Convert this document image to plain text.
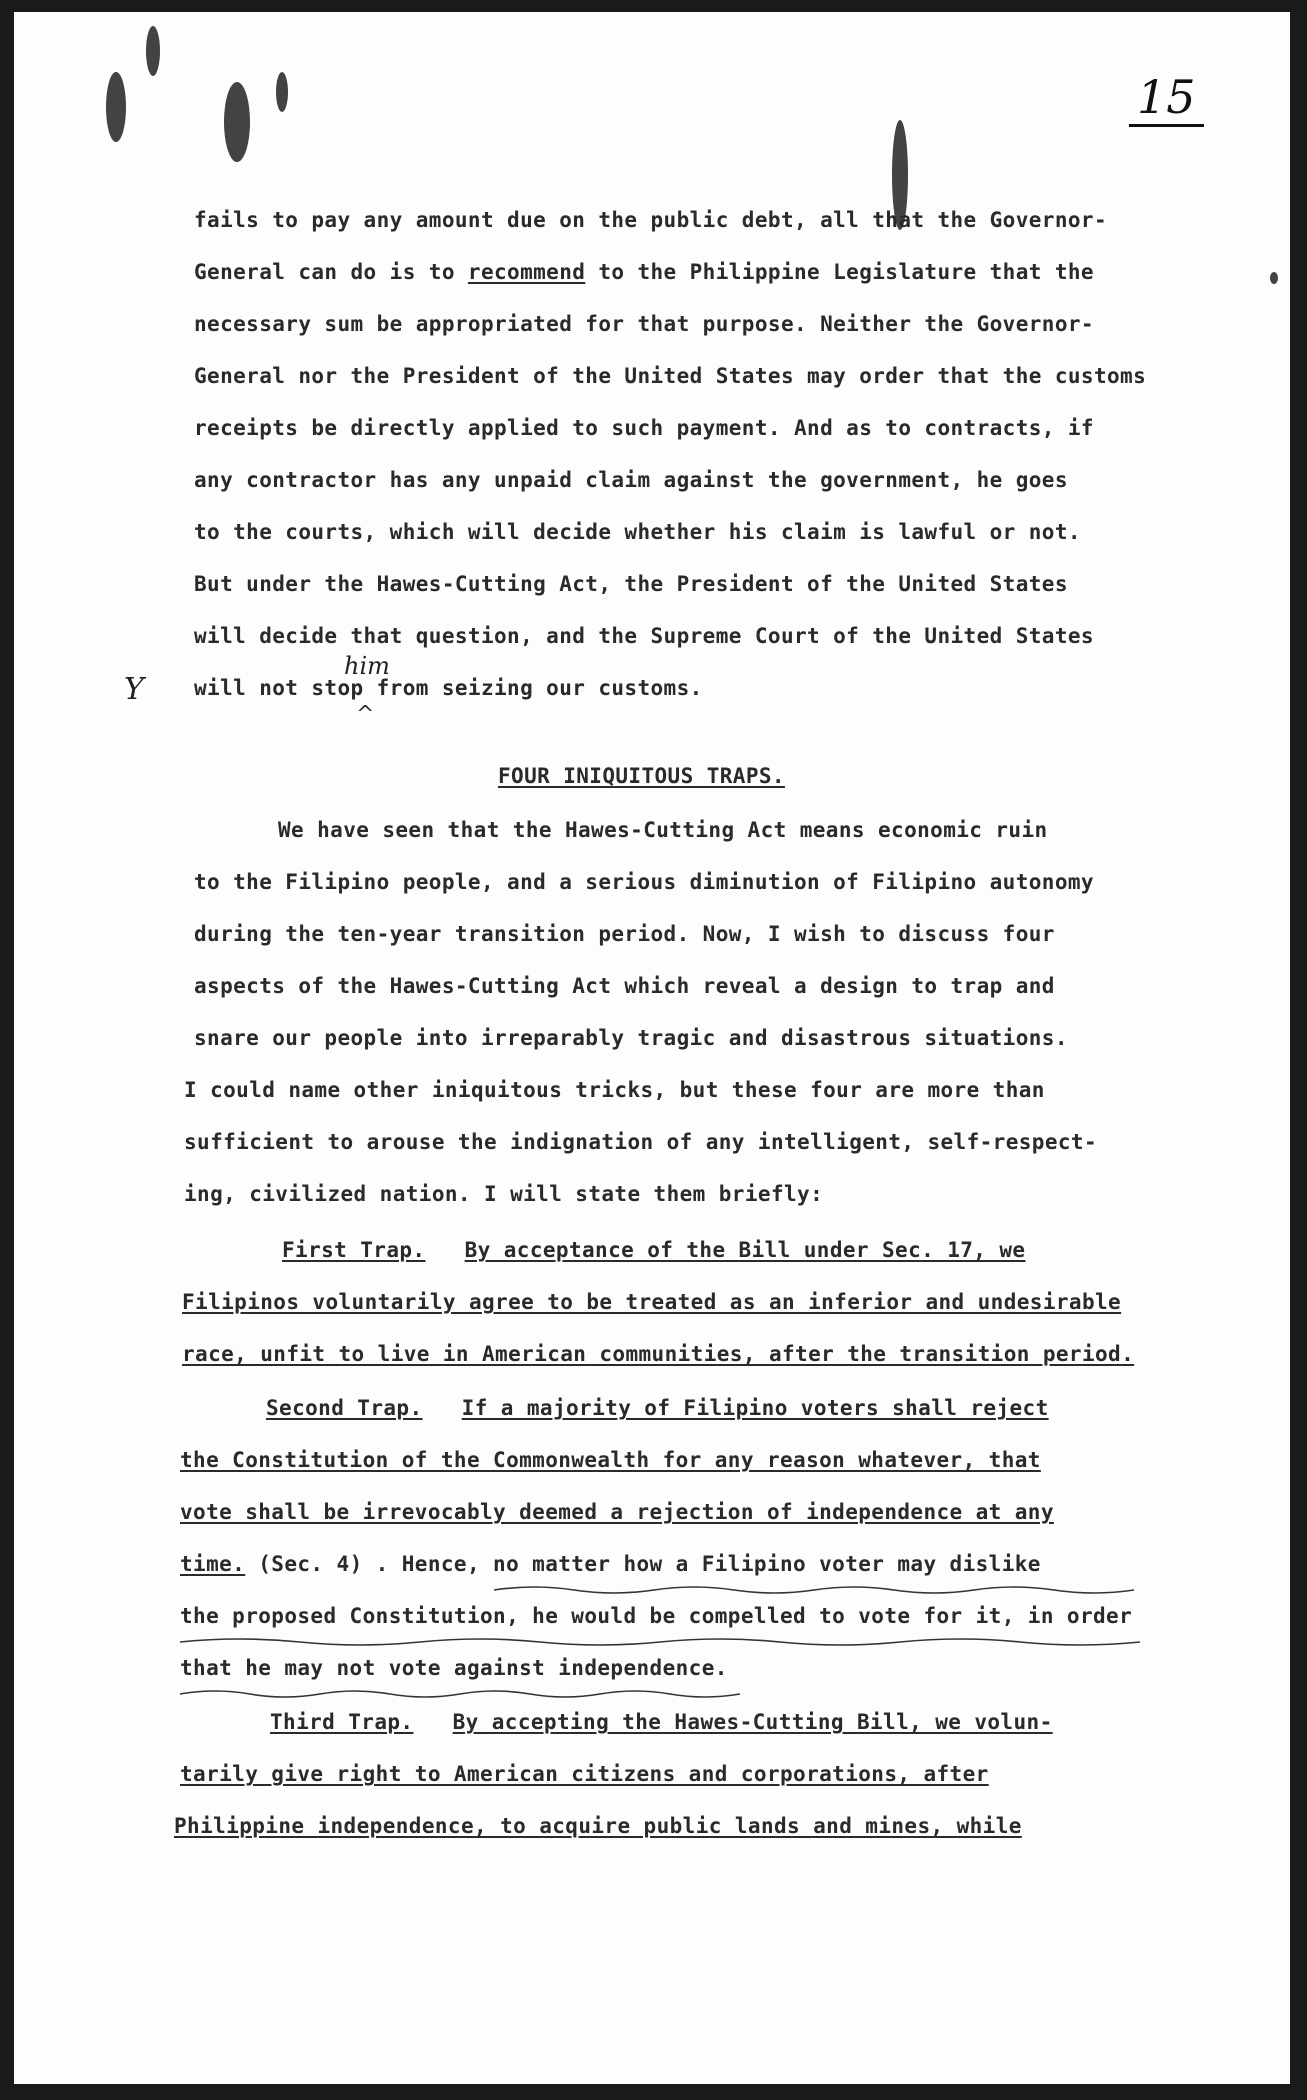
15
fails to pay any amount due on the public debt, all that the Governor-
General can do is to recommend to the Philippine Legislature that the
necessary sum be appropriated for that purpose. Neither the Governor-
General nor the President of the United States may order that the customs
receipts be directly applied to such payment. And as to contracts, if
any contractor has any unpaid claim against the government, he goes
to the courts, which will decide whether his claim is lawful or not.
But under the Hawes-Cutting Act, the President of the United States
will decide that question, and the Supreme Court of the United States
will not stop from seizing our customs.
him
^
Y
FOUR INIQUITOUS TRAPS.
We have seen that the Hawes-Cutting Act means economic ruin
to the Filipino people, and a serious diminution of Filipino autonomy
during the ten-year transition period. Now, I wish to discuss four
aspects of the Hawes-Cutting Act which reveal a design to trap and
snare our people into irreparably tragic and disastrous situations.
I could name other iniquitous tricks, but these four are more than
sufficient to arouse the indignation of any intelligent, self-respect-
ing, civilized nation. I will state them briefly:
First Trap. By acceptance of the Bill under Sec. 17, we
Filipinos voluntarily agree to be treated as an inferior and undesirable
race, unfit to live in American communities, after the transition period.
Second Trap. If a majority of Filipino voters shall reject
the Constitution of the Commonwealth for any reason whatever, that
vote shall be irrevocably deemed a rejection of independence at any
time. (Sec. 4) . Hence, no matter how a Filipino voter may dislike
the proposed Constitution, he would be compelled to vote for it, in order
that he may not vote against independence.
Third Trap. By accepting the Hawes-Cutting Bill, we volun-
tarily give right to American citizens and corporations, after
Philippine independence, to acquire public lands and mines, while
